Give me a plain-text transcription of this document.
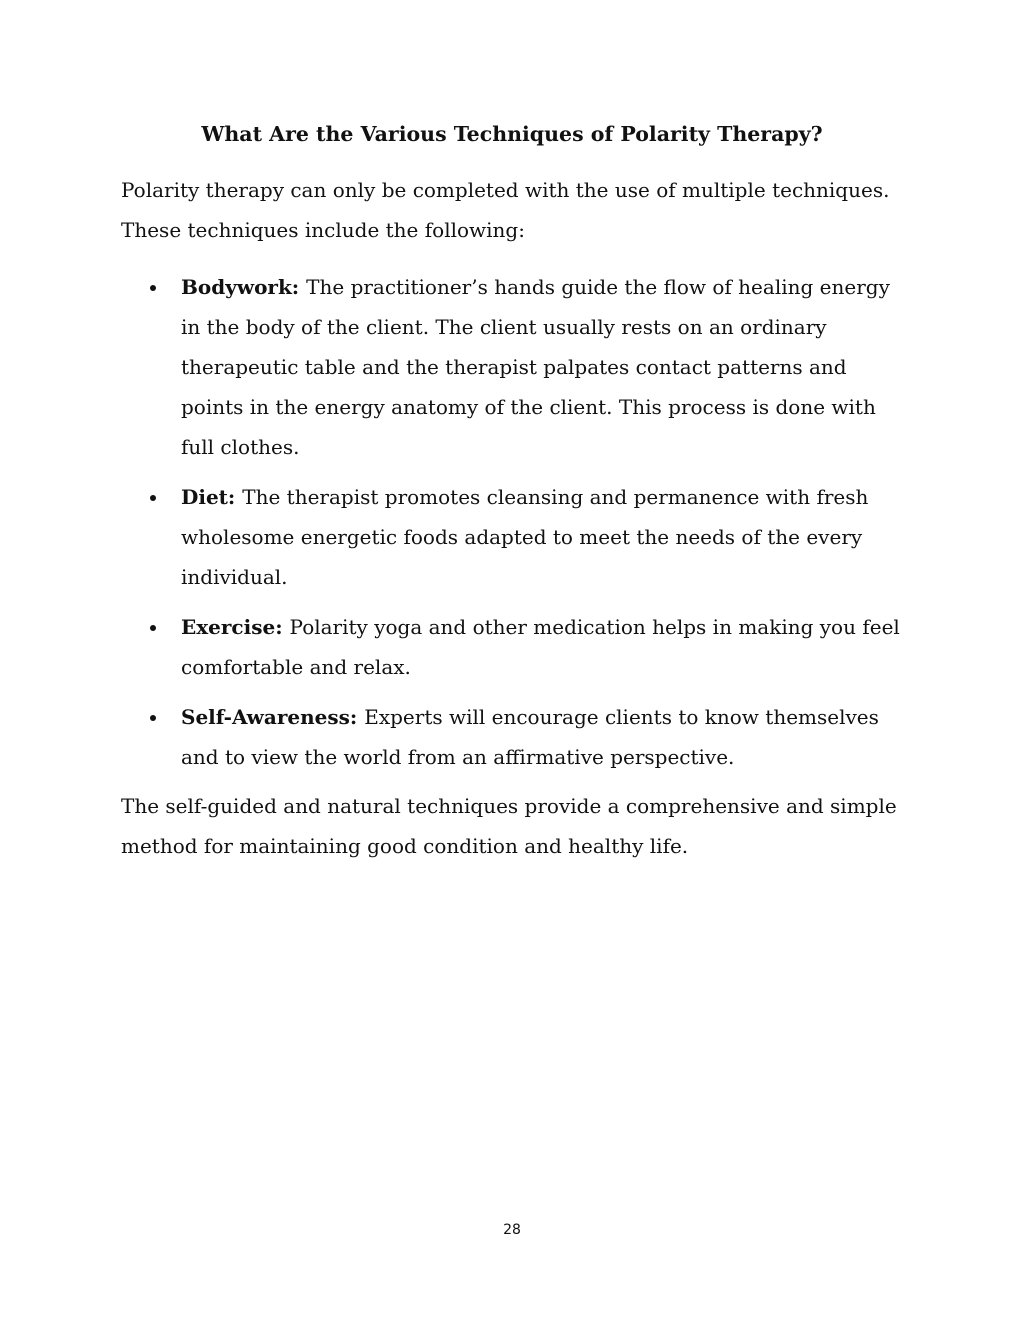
What Are the Various Techniques of Polarity Therapy?
Polarity therapy can only be completed with the use of multiple techniques. These techniques include the following:
Bodywork: The practitioner’s hands guide the flow of healing energy in the body of the client. The client usually rests on an ordinary therapeutic table and the therapist palpates contact patterns and points in the energy anatomy of the client. This process is done with full clothes.
Diet: The therapist promotes cleansing and permanence with fresh wholesome energetic foods adapted to meet the needs of the every individual.
Exercise: Polarity yoga and other medication helps in making you feel comfortable and relax.
Self-Awareness: Experts will encourage clients to know themselves and to view the world from an affirmative perspective.
The self-guided and natural techniques provide a comprehensive and simple method for maintaining good condition and healthy life.
28
